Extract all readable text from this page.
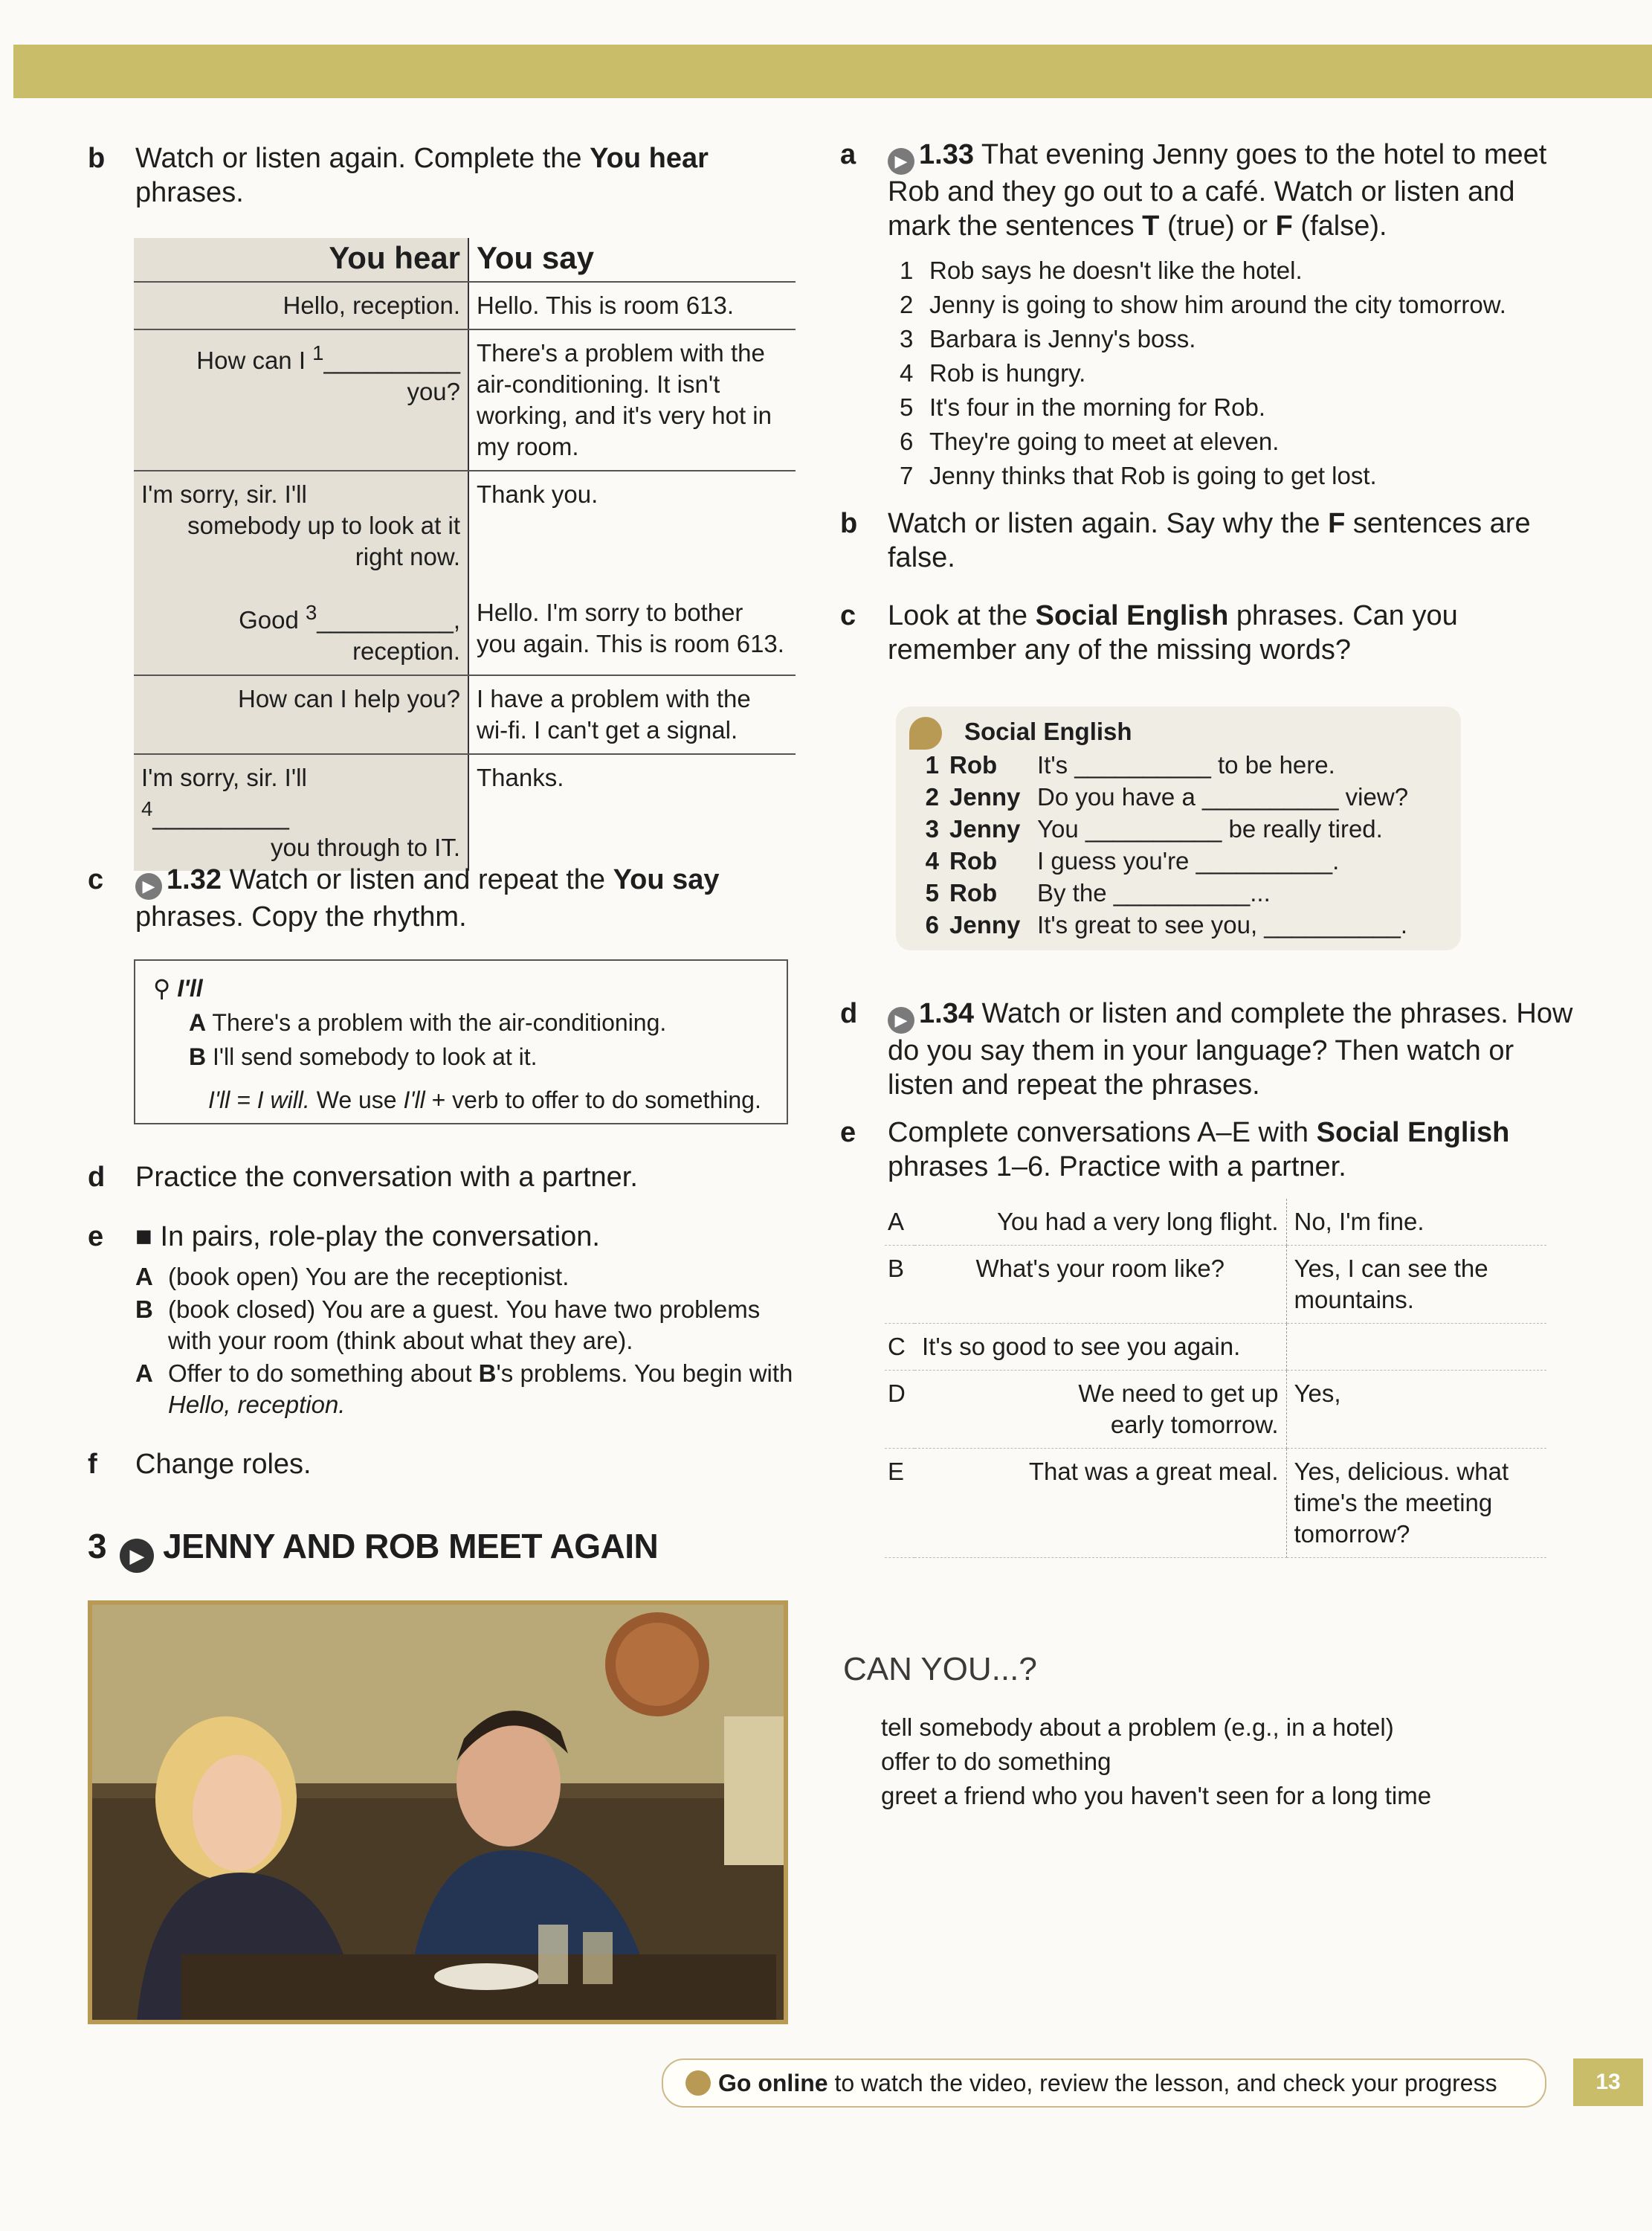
b Watch or listen again. Complete the You hear phrases.
You hear	You say
Hello, reception.	Hello. This is room 613.
How can I $^1$__________ you?	There's a problem with the air-conditioning. It isn't working, and it's very hot in my room.

I'm sorry, sir. I'll
somebody up to look at it right now.	Thank you.

Good $^3$__________,
reception.	Hello. I'm sorry to bother you again. This is room 613.
How can I help you?	I have a problem with the wi-fi. I can't get a signal.

I'm sorry, sir. I'll $^4$__________
you through to IT.	Thanks.
c ▶ 1.32 Watch or listen and repeat the You say phrases. Copy the rhythm.
⚲ I'll
A There's a problem with the air-conditioning.
B I'll send somebody to look at it.
I'll = I will. We use I'll + verb to offer to do something.
d Practice the conversation with a partner.
e ■ In pairs, role-play the conversation.
A (book open) You are the receptionist.
B (book closed) You are a guest. You have two problems with your room (think about what they are).
A Offer to do something about B's problems. You begin with Hello, reception.
f Change roles.
3 ▶ JENNY AND ROB MEET AGAIN
a ▶ 1.33 That evening Jenny goes to the hotel to meet Rob and they go out to a café. Watch or listen and mark the sentences T (true) or F (false).
1 Rob says he doesn't like the hotel.
2 Jenny is going to show him around the city tomorrow.
3 Barbara is Jenny's boss.
4 Rob is hungry.
5 It's four in the morning for Rob.
6 They're going to meet at eleven.
7 Jenny thinks that Rob is going to get lost.
b Watch or listen again. Say why the F sentences are false.
c Look at the Social English phrases. Can you remember any of the missing words?
Social English
1 Rob	It's __________ to be here.
2 Jenny Do you have a __________ view?
3 Jenny You __________ be really tired.
4 Rob	I guess you're __________.
5 Rob	By the __________...
6 Jenny It's great to see you, __________.
d ▶ 1.34 Watch or listen and complete the phrases. How do you say them in your language? Then watch or listen and repeat the phrases.
e Complete conversations A–E with Social English phrases 1–6. Practice with a partner.
A	You had a very long flight.	No, I'm fine.
B	What's your room like?	Yes, I can see the mountains.
C	It's so good to see you again.	
D	We need to get up early tomorrow.	Yes,
E	That was a great meal.	Yes, delicious. what time's the meeting tomorrow?
CAN YOU...?
tell somebody about a problem (e.g., in a hotel)
offer to do something
greet a friend who you haven't seen for a long time
Go online to watch the video, review the lesson, and check your progress	13
